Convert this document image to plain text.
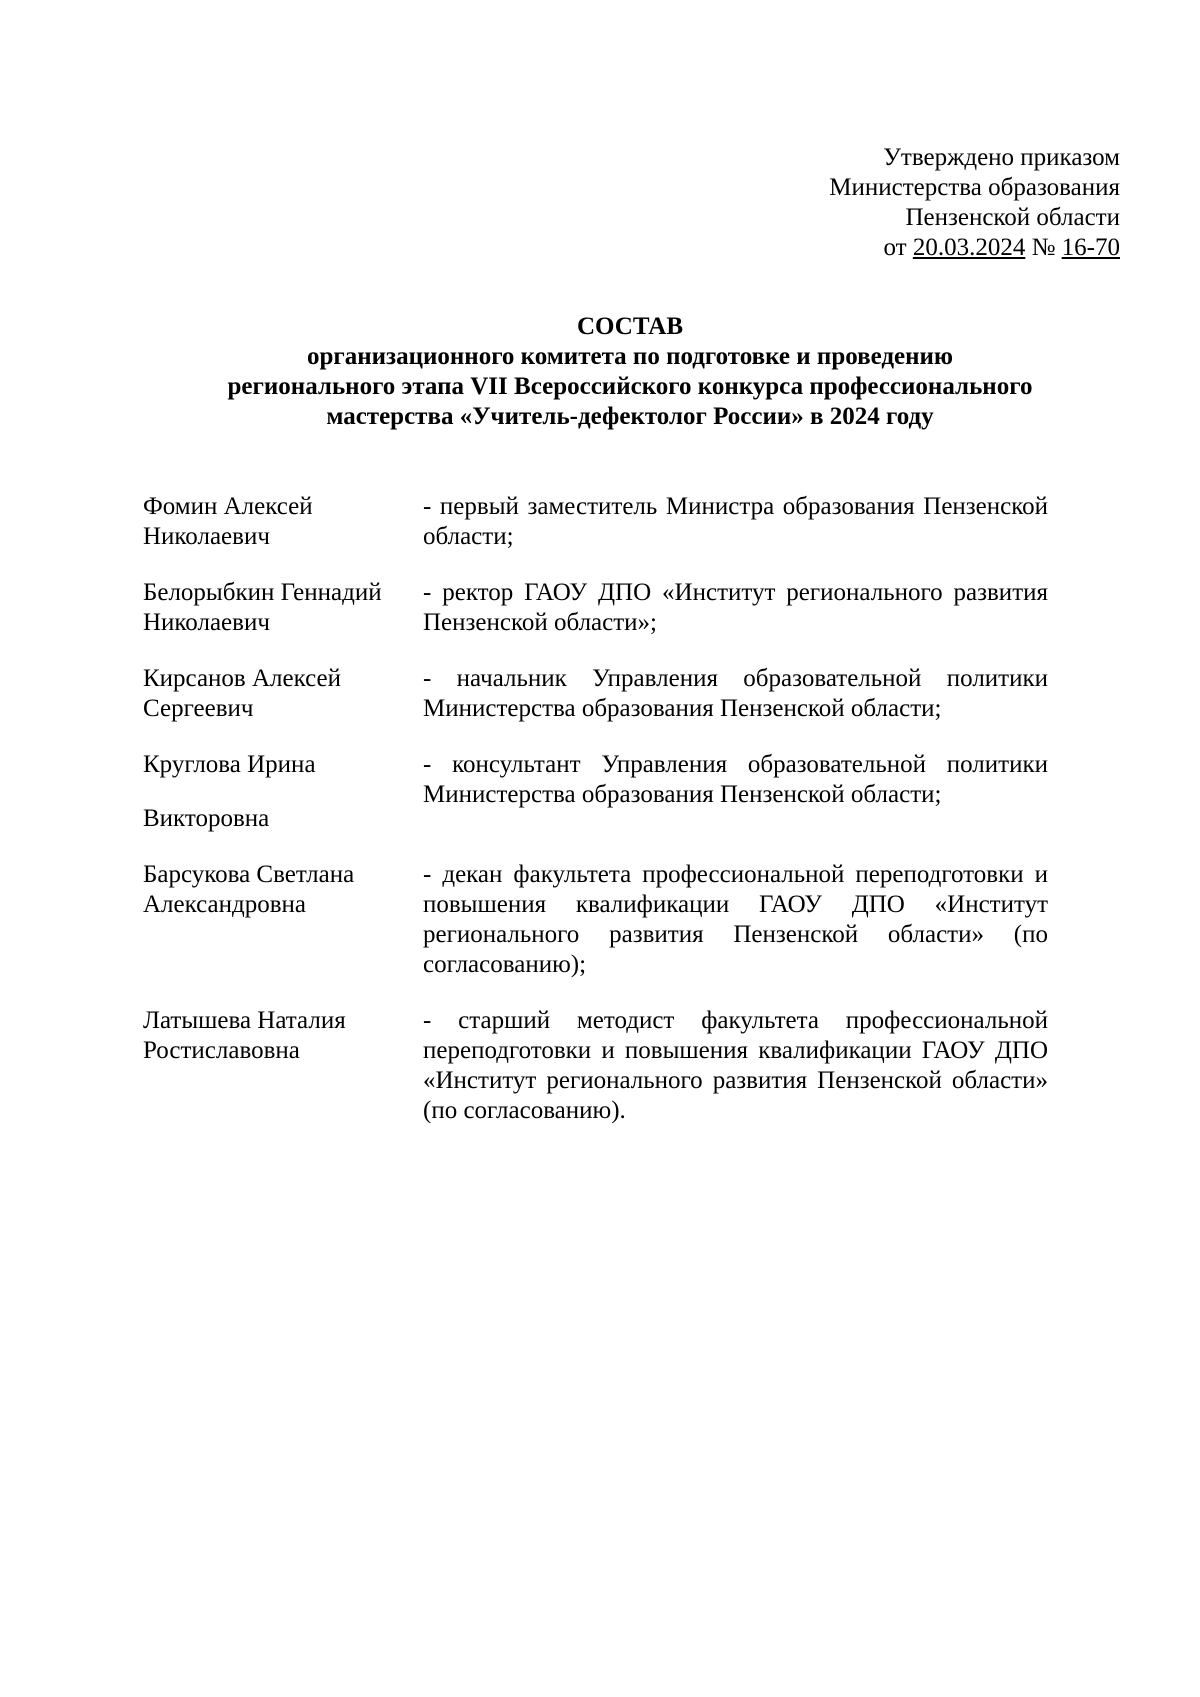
Утверждено приказом
Министерства образования
Пензенской области
от 20.03.2024 № 16-70
СОСТАВ
организационного комитета по подготовке и проведению
регионального этапа VII Всероссийского конкурса профессионального
мастерства «Учитель-дефектолог России» в 2024 году
Фомин Алексей
Николаевич
- первый заместитель Министра образования Пензенской области;
Белорыбкин Геннадий
Николаевич
- ректор ГАОУ ДПО «Институт регионального развития Пензенской области»;
Кирсанов Алексей
Сергеевич
- начальник Управления образовательной политики Министерства образования Пензенской области;
Круглова Ирина
Викторовна
- консультант Управления образовательной политики Министерства образования Пензенской области;
Барсукова Светлана
Александровна
- декан факультета профессиональной переподготовки и повышения квалификации ГАОУ ДПО «Институт регионального развития Пензенской области» (по согласованию);
Латышева Наталия
Ростиславовна
- старший методист факультета профессиональной переподготовки и повышения квалификации ГАОУ ДПО «Институт регионального развития Пензенской области» (по согласованию).
